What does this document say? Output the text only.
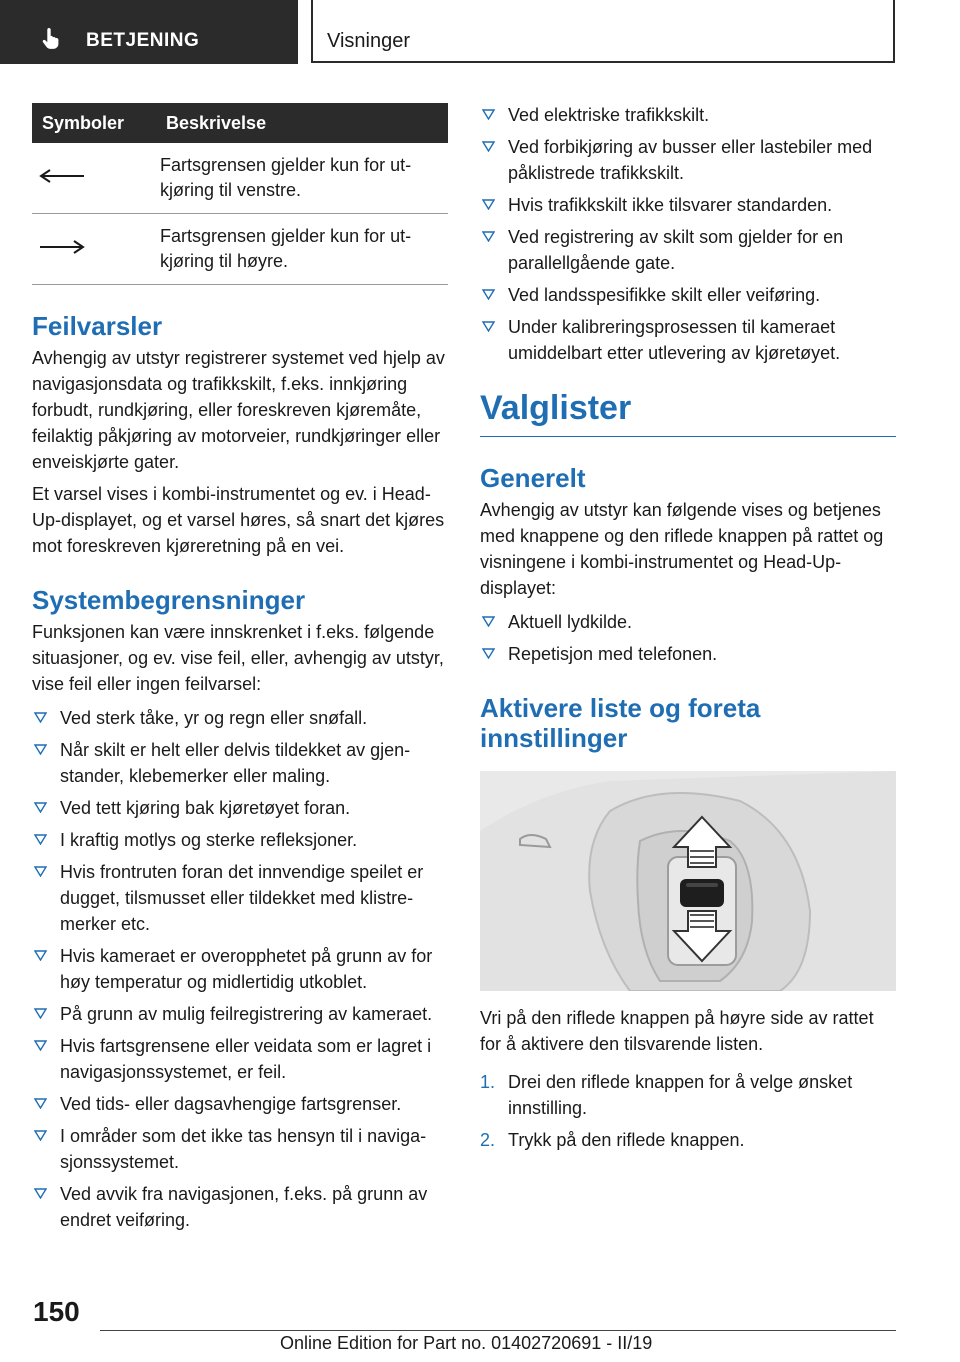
BETJENING	Visninger
Symboler	Beskrivelse
	Fartsgrensen gjelder kun for utkjøring til venstre.
	Fartsgrensen gjelder kun for utkjøring til høyre.
Feilvarsler

Avhengig av utstyr registrerer systemet ved hjelp av navigasjonsdata og trafikkskilt, f.eks. innkjøring forbudt, rundkjøring, eller foreskreven kjøremåte, feilaktig påkjøring av motorveier, rundkjøringer eller enveiskjørte gater.

Et varsel vises i kombi-instrumentet og ev. i Head-Up-displayet, og et varsel høres, så snart det kjøres mot foreskreven kjøreretning på en vei.

Systembegrensninger

Funksjonen kan være innskrenket i f.eks. følgende situasjoner, og ev. vise feil, eller, avhengig av utstyr, vise feil eller ingen feilvarsel:

Ved sterk tåke, yr og regn eller snøfall.
Når skilt er helt eller delvis tildekket av gjenstander, klebemerker eller maling.
Ved tett kjøring bak kjøretøyet foran.
I kraftig motlys og sterke refleksjoner.
Hvis frontruten foran det innvendige speilet er dugget, tilsmusset eller tildekket med klistremerker etc.
Hvis kameraet er overopphetet på grunn av for høy temperatur og midlertidig utkoblet.
På grunn av mulig feilregistrering av kameraet.
Hvis fartsgrensene eller veidata som er lagret i navigasjonssystemet, er feil.
Ved tids- eller dagsavhengige fartsgrenser.
I områder som det ikke tas hensyn til i navigasjonssystemet.
Ved avvik fra navigasjonen, f.eks. på grunn av endret veiføring.
Ved elektriske trafikkskilt.
Ved forbikjøring av busser eller lastebiler med påklistrede trafikkskilt.
Hvis trafikkskilt ikke tilsvarer standarden.
Ved registrering av skilt som gjelder for en parallellgående gate.
Ved landsspesifikke skilt eller veiføring.
Under kalibreringsprosessen til kameraet umiddelbart etter utlevering av kjøretøyet.
Valglister
Generelt

Avhengig av utstyr kan følgende vises og betjenes med knappene og den riflede knappen på rattet og visningene i kombi-instrumentet og Head-Up-displayet:

Aktuell lydkilde.
Repetisjon med telefonen.
Aktivere liste og foreta innstillinger

Vri på den riflede knappen på høyre side av rattet for å aktivere den tilsvarende listen.

1. Drei den riflede knappen for å velge ønsket innstilling.
2. Trykk på den riflede knappen.
150
Online Edition for Part no. 01402720691 - II/19
